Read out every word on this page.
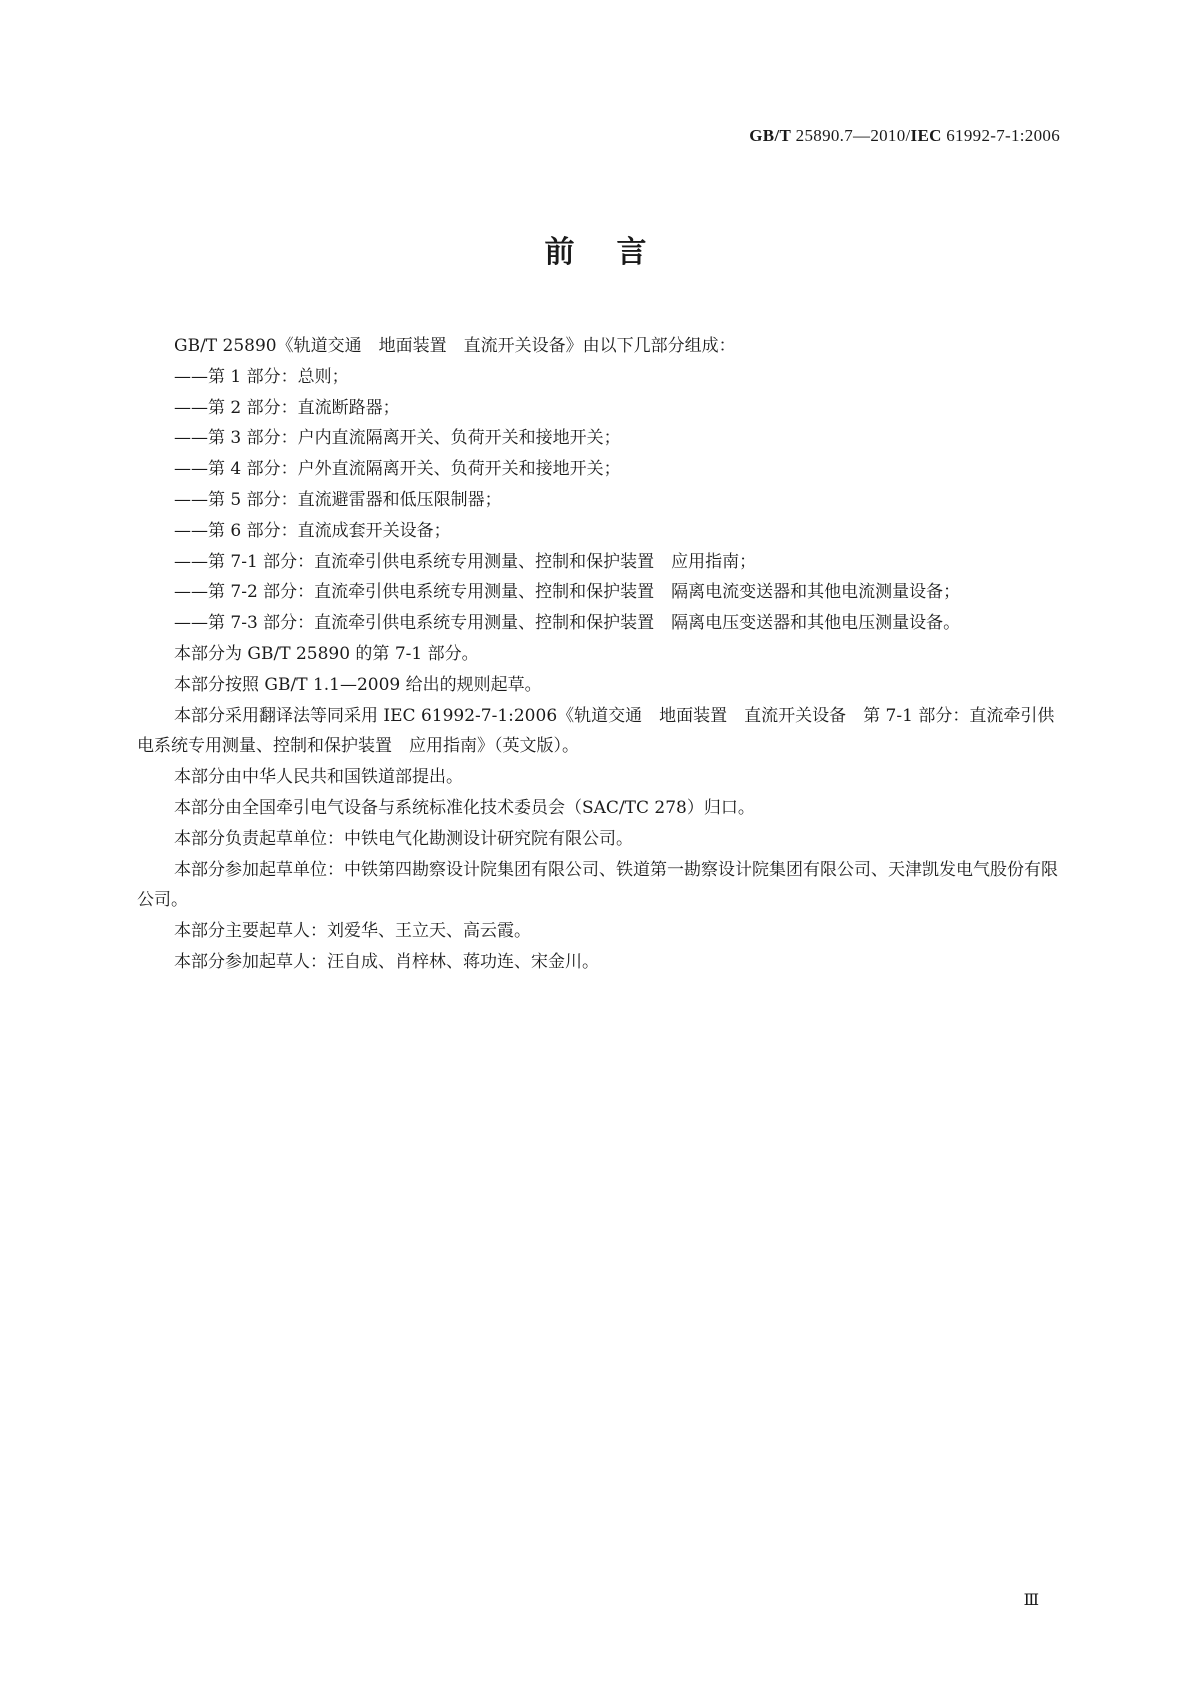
GB/T 25890.7—2010/IEC 61992-7-1:2006
前言

GB/T 25890《轨道交通　地面装置　直流开关设备》由以下几部分组成：

——第 1 部分：总则；

——第 2 部分：直流断路器；

——第 3 部分：户内直流隔离开关、负荷开关和接地开关；

——第 4 部分：户外直流隔离开关、负荷开关和接地开关；

——第 5 部分：直流避雷器和低压限制器；

——第 6 部分：直流成套开关设备；

——第 7-1 部分：直流牵引供电系统专用测量、控制和保护装置　应用指南；

——第 7-2 部分：直流牵引供电系统专用测量、控制和保护装置　隔离电流变送器和其他电流测量设备；

——第 7-3 部分：直流牵引供电系统专用测量、控制和保护装置　隔离电压变送器和其他电压测量设备。

本部分为 GB/T 25890 的第 7-1 部分。

本部分按照 GB/T 1.1—2009 给出的规则起草。

本部分采用翻译法等同采用 IEC 61992-7-1:2006《轨道交通　地面装置　直流开关设备　第 7-1 部分：直流牵引供电系统专用测量、控制和保护装置　应用指南》（英文版）。

本部分由中华人民共和国铁道部提出。

本部分由全国牵引电气设备与系统标准化技术委员会（SAC/TC 278）归口。

本部分负责起草单位：中铁电气化勘测设计研究院有限公司。

本部分参加起草单位：中铁第四勘察设计院集团有限公司、铁道第一勘察设计院集团有限公司、天津凯发电气股份有限公司。

本部分主要起草人：刘爱华、王立天、高云霞。

本部分参加起草人：汪自成、肖梓林、蒋功连、宋金川。

Ⅲ
